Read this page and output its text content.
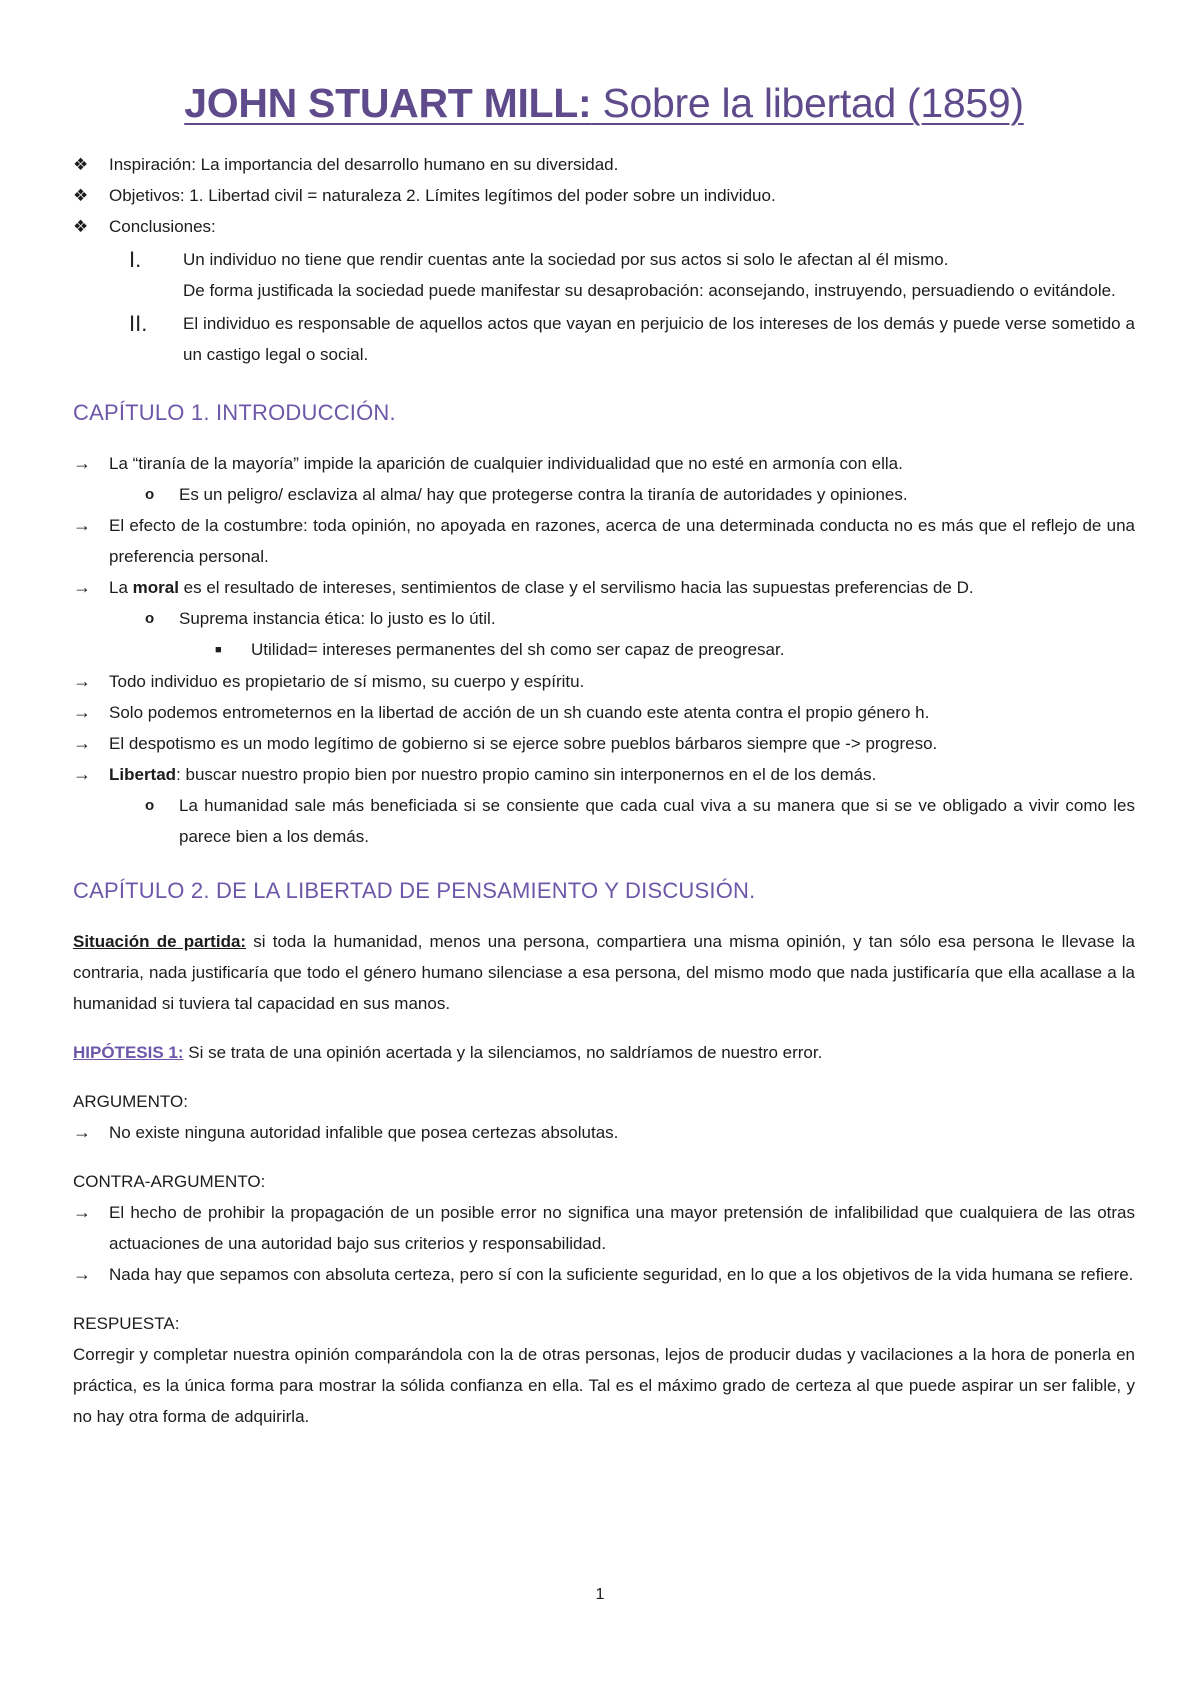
JOHN STUART MILL: Sobre la libertad (1859)
❖	Inspiración: La importancia del desarrollo humano en su diversidad.
❖	Objetivos: 1. Libertad civil = naturaleza 2. Límites legítimos del poder sobre un individuo.
❖	Conclusiones:
I.	Un individuo no tiene que rendir cuentas ante la sociedad por sus actos si solo le afectan al él mismo.
De forma justificada la sociedad puede manifestar su desaprobación: aconsejando, instruyendo, persuadiendo o evitándole.
II.	El individuo es responsable de aquellos actos que vayan en perjuicio de los intereses de los demás y puede verse sometido a un castigo legal o social.
CAPÍTULO 1. INTRODUCCIÓN.
→	La “tiranía de la mayoría” impide la aparición de cualquier individualidad que no esté en armonía con ella.
o	Es un peligro/ esclaviza al alma/ hay que protegerse contra la tiranía de autoridades y opiniones.
→	El efecto de la costumbre: toda opinión, no apoyada en razones, acerca de una determinada conducta no es más que el reflejo de una preferencia personal.
→	La moral es el resultado de intereses, sentimientos de clase y el servilismo hacia las supuestas preferencias de D.
o	Suprema instancia ética: lo justo es lo útil.
■	Utilidad= intereses permanentes del sh como ser capaz de preogresar.
→	Todo individuo es propietario de sí mismo, su cuerpo y espíritu.
→	Solo podemos entrometernos en la libertad de acción de un sh cuando este atenta contra el propio género h.
→	El despotismo es un modo legítimo de gobierno si se ejerce sobre pueblos bárbaros siempre que -> progreso.
→	Libertad: buscar nuestro propio bien por nuestro propio camino sin interponernos en el de los demás.
o	La humanidad sale más beneficiada si se consiente que cada cual viva a su manera que si se ve obligado a vivir como les parece bien a los demás.
CAPÍTULO 2. DE LA LIBERTAD DE PENSAMIENTO Y DISCUSIÓN.
Situación de partida: si toda la humanidad, menos una persona, compartiera una misma opinión, y tan sólo esa persona le llevase la contraria, nada justificaría que todo el género humano silenciase a esa persona, del mismo modo que nada justificaría que ella acallase a la humanidad si tuviera tal capacidad en sus manos.
HIPÓTESIS 1: Si se trata de una opinión acertada y la silenciamos, no saldríamos de nuestro error.
ARGUMENTO:
→	No existe ninguna autoridad infalible que posea certezas absolutas.
CONTRA-ARGUMENTO:
→	El hecho de prohibir la propagación de un posible error no significa una mayor pretensión de infalibilidad que cualquiera de las otras actuaciones de una autoridad bajo sus criterios y responsabilidad.
→	Nada hay que sepamos con absoluta certeza, pero sí con la suficiente seguridad, en lo que a los objetivos de la vida humana se refiere.
RESPUESTA:
Corregir y completar nuestra opinión comparándola con la de otras personas, lejos de producir dudas y vacilaciones a la hora de ponerla en práctica, es la única forma para mostrar la sólida confianza en ella. Tal es el máximo grado de certeza al que puede aspirar un ser falible, y no hay otra forma de adquirirla.
1
